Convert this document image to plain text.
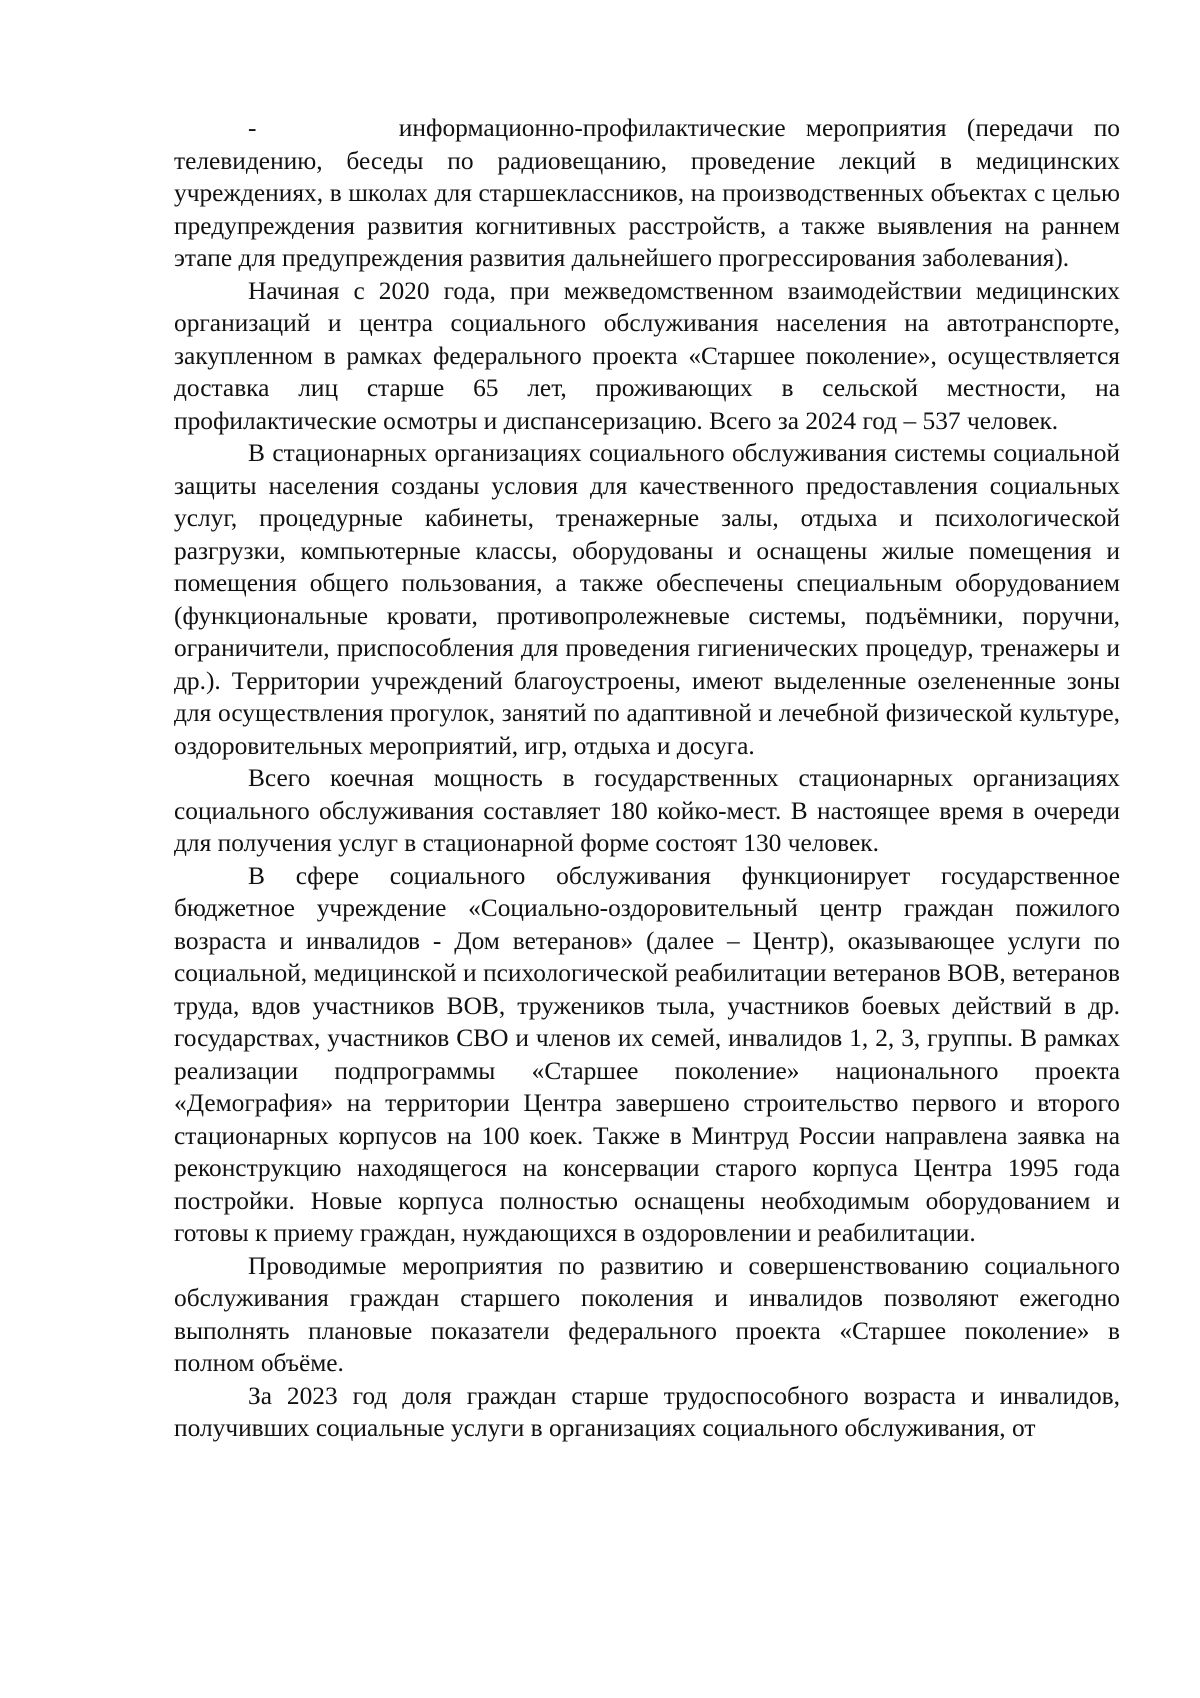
-       информационно-профилактические мероприятия (передачи по телевидению, беседы по радиовещанию, проведение лекций в медицинских учреждениях, в школах для старшеклассников, на производственных объектах с целью предупреждения развития когнитивных расстройств, а также выявления на раннем этапе для предупреждения развития дальнейшего прогрессирования заболевания).

Начиная с 2020 года, при межведомственном взаимодействии медицинских организаций и центра социального обслуживания населения на автотранспорте, закупленном в рамках федерального проекта «Старшее поколение», осуществляется доставка лиц старше 65 лет, проживающих в сельской местности, на профилактические осмотры и диспансеризацию. Всего за 2024 год – 537 человек.

В стационарных организациях социального обслуживания системы социальной защиты населения созданы условия для качественного предоставления социальных услуг, процедурные кабинеты, тренажерные залы, отдыха и психологической разгрузки, компьютерные классы, оборудованы и оснащены жилые помещения и помещения общего пользования, а также обеспечены специальным оборудованием (функциональные кровати, противопролежневые системы, подъёмники, поручни, ограничители, приспособления для проведения гигиенических процедур, тренажеры и др.). Территории учреждений благоустроены, имеют выделенные озелененные зоны для осуществления прогулок, занятий по адаптивной и лечебной физической культуре, оздоровительных мероприятий, игр, отдыха и досуга.

Всего коечная мощность в государственных стационарных организациях социального обслуживания составляет 180 койко-мест. В настоящее время в очереди для получения услуг в стационарной форме состоят 130 человек.

В сфере социального обслуживания функционирует государственное бюджетное учреждение «Социально-оздоровительный центр граждан пожилого возраста и инвалидов - Дом ветеранов» (далее – Центр), оказывающее услуги по социальной, медицинской и психологической реабилитации ветеранов ВОВ, ветеранов труда, вдов участников ВОВ, тружеников тыла, участников боевых действий в др. государствах, участников СВО и членов их семей, инвалидов 1, 2, 3, группы. В рамках реализации подпрограммы «Старшее поколение» национального проекта «Демография» на территории Центра завершено строительство первого и второго стационарных корпусов на 100 коек. Также в Минтруд России направлена заявка на реконструкцию находящегося на консервации старого корпуса Центра 1995 года постройки. Новые корпуса полностью оснащены необходимым оборудованием и готовы к приему граждан, нуждающихся в оздоровлении и реабилитации.

Проводимые мероприятия по развитию и совершенствованию социального обслуживания граждан старшего поколения и инвалидов позволяют ежегодно выполнять плановые показатели федерального проекта «Старшее поколение» в полном объёме.

За 2023 год доля граждан старше трудоспособного возраста и инвалидов, получивших социальные услуги в организациях социального обслуживания, от
